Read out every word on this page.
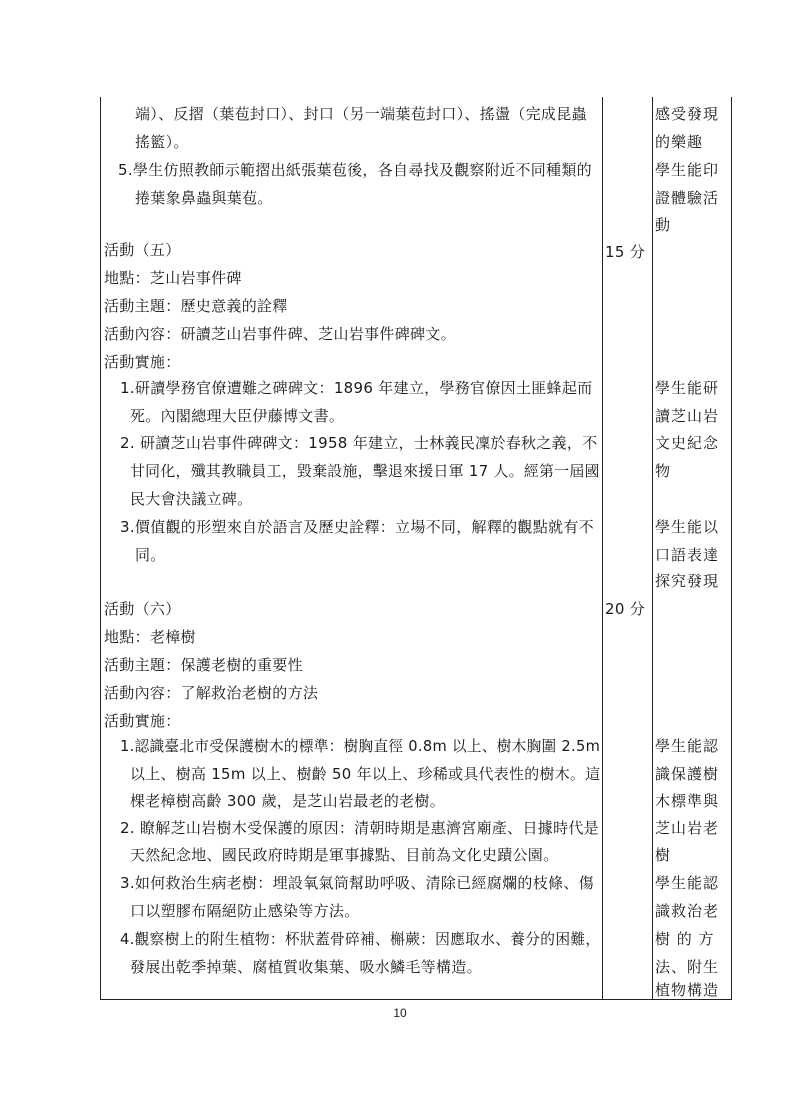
端）、反摺（葉苞封口）、封口（另一端葉苞封口）、搖盪（完成昆蟲
搖籃）。
5.學生仿照教師示範摺出紙張葉苞後，各自尋找及觀察附近不同種類的
捲葉象鼻蟲與葉苞。
活動（五）
地點：芝山岩事件碑
活動主題：歷史意義的詮釋
活動內容：研讀芝山岩事件碑、芝山岩事件碑碑文。
活動實施：
1.研讀學務官僚遭難之碑碑文：1896 年建立，學務官僚因土匪蜂起而
死。內閣總理大臣伊藤博文書。
2. 研讀芝山岩事件碑碑文：1958 年建立，士林義民凜於春秋之義，不
甘同化，殲其教職員工，毀棄設施，擊退來援日軍 17 人。經第一屆國
民大會決議立碑。
3.價值觀的形塑來自於語言及歷史詮釋：立場不同，解釋的觀點就有不
同。
活動（六）
地點：老樟樹
活動主題：保護老樹的重要性
活動內容：了解救治老樹的方法
活動實施：
1.認識臺北市受保護樹木的標準：樹胸直徑 0.8m 以上、樹木胸圍 2.5m
以上、樹高 15m 以上、樹齡 50 年以上、珍稀或具代表性的樹木。這
棵老樟樹高齡 300 歲，是芝山岩最老的老樹。
2. 瞭解芝山岩樹木受保護的原因：清朝時期是惠濟宮廟產、日據時代是
天然紀念地、國民政府時期是軍事據點、目前為文化史蹟公園。
3.如何救治生病老樹：埋設氧氣筒幫助呼吸、清除已經腐爛的枝條、傷
口以塑膠布隔絕防止感染等方法。
4.觀察樹上的附生植物：杯狀蓋骨碎補、槲蕨：因應取水、養分的困難，
發展出乾季掉葉、腐植質收集葉、吸水鱗毛等構造。
15 分
20 分
感受發現
的樂趣
學生能印
證體驗活
動
學生能研
讀芝山岩
文史紀念
物
學生能以
口語表達
探究發現
學生能認
識保護樹
木標準與
芝山岩老
樹
學生能認
識救治老
樹 的 方
法、附生
植物構造
10
